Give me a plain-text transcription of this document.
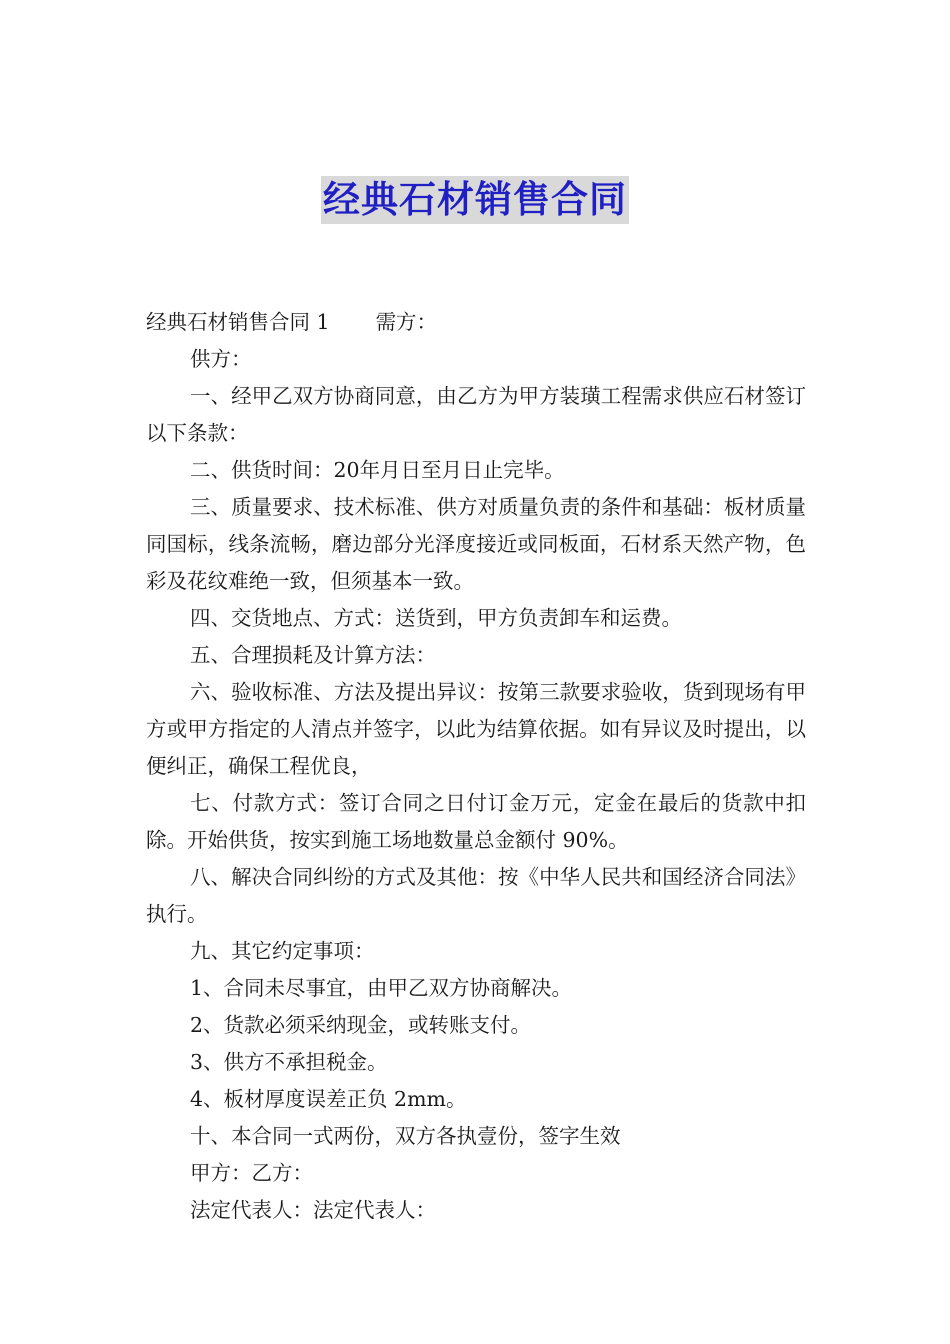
经典石材销售合同

经典石材销售合同 1 需方：

供方：

一、经甲乙双方协商同意，由乙方为甲方装璜工程需求供应石材签订以下条款：

二、供货时间：20年月日至月日止完毕。

三、质量要求、技术标准、供方对质量负责的条件和基础：板材质量同国标，线条流畅，磨边部分光泽度接近或同板面，石材系天然产物，色彩及花纹难绝一致，但须基本一致。

四、交货地点、方式：送货到，甲方负责卸车和运费。

五、合理损耗及计算方法：

六、验收标准、方法及提出异议：按第三款要求验收，货到现场有甲方或甲方指定的人清点并签字，以此为结算依据。如有异议及时提出，以便纠正，确保工程优良，

七、付款方式：签订合同之日付订金万元，定金在最后的货款中扣除。开始供货，按实到施工场地数量总金额付 90%。

八、解决合同纠纷的方式及其他：按《中华人民共和国经济合同法》执行。

九、其它约定事项：

1、合同未尽事宜，由甲乙双方协商解决。

2、货款必须采纳现金，或转账支付。

3、供方不承担税金。

4、板材厚度误差正负 2mm。

十、本合同一式两份，双方各执壹份，签字生效

甲方：乙方：

法定代表人：法定代表人：
